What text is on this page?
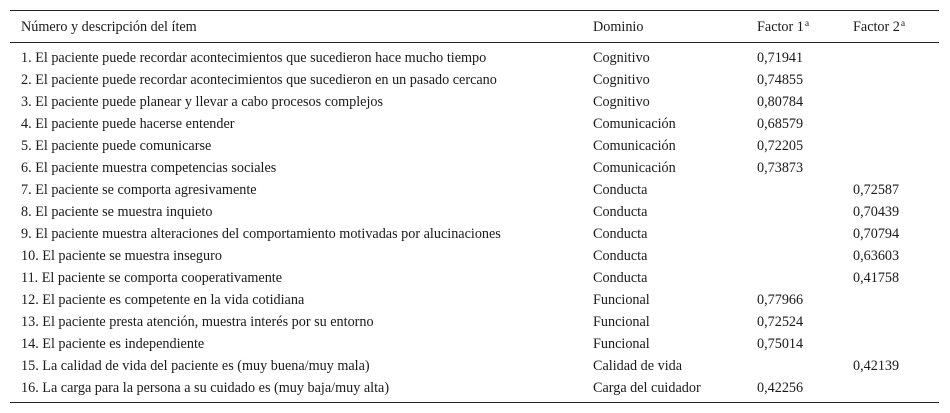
Número y descripción del ítem	Dominio	Factor 1$^a$	Factor 2$^a$
1. El paciente puede recordar acontecimientos que sucedieron hace mucho tiempo	Cognitivo	0,71941	
2. El paciente puede recordar acontecimientos que sucedieron en un pasado cercano	Cognitivo	0,74855	
3. El paciente puede planear y llevar a cabo procesos complejos	Cognitivo	0,80784	
4. El paciente puede hacerse entender	Comunicación	0,68579	
5. El paciente puede comunicarse	Comunicación	0,72205	
6. El paciente muestra competencias sociales	Comunicación	0,73873	
7. El paciente se comporta agresivamente	Conducta		0,72587
8. El paciente se muestra inquieto	Conducta		0,70439
9. El paciente muestra alteraciones del comportamiento motivadas por alucinaciones	Conducta		0,70794
10. El paciente se muestra inseguro	Conducta		0,63603
11. El paciente se comporta cooperativamente	Conducta		0,41758
12. El paciente es competente en la vida cotidiana	Funcional	0,77966	
13. El paciente presta atención, muestra interés por su entorno	Funcional	0,72524	
14. El paciente es independiente	Funcional	0,75014	
15. La calidad de vida del paciente es (muy buena/muy mala)	Calidad de vida		0,42139
16. La carga para la persona a su cuidado es (muy baja/muy alta)	Carga del cuidador	0,42256	
